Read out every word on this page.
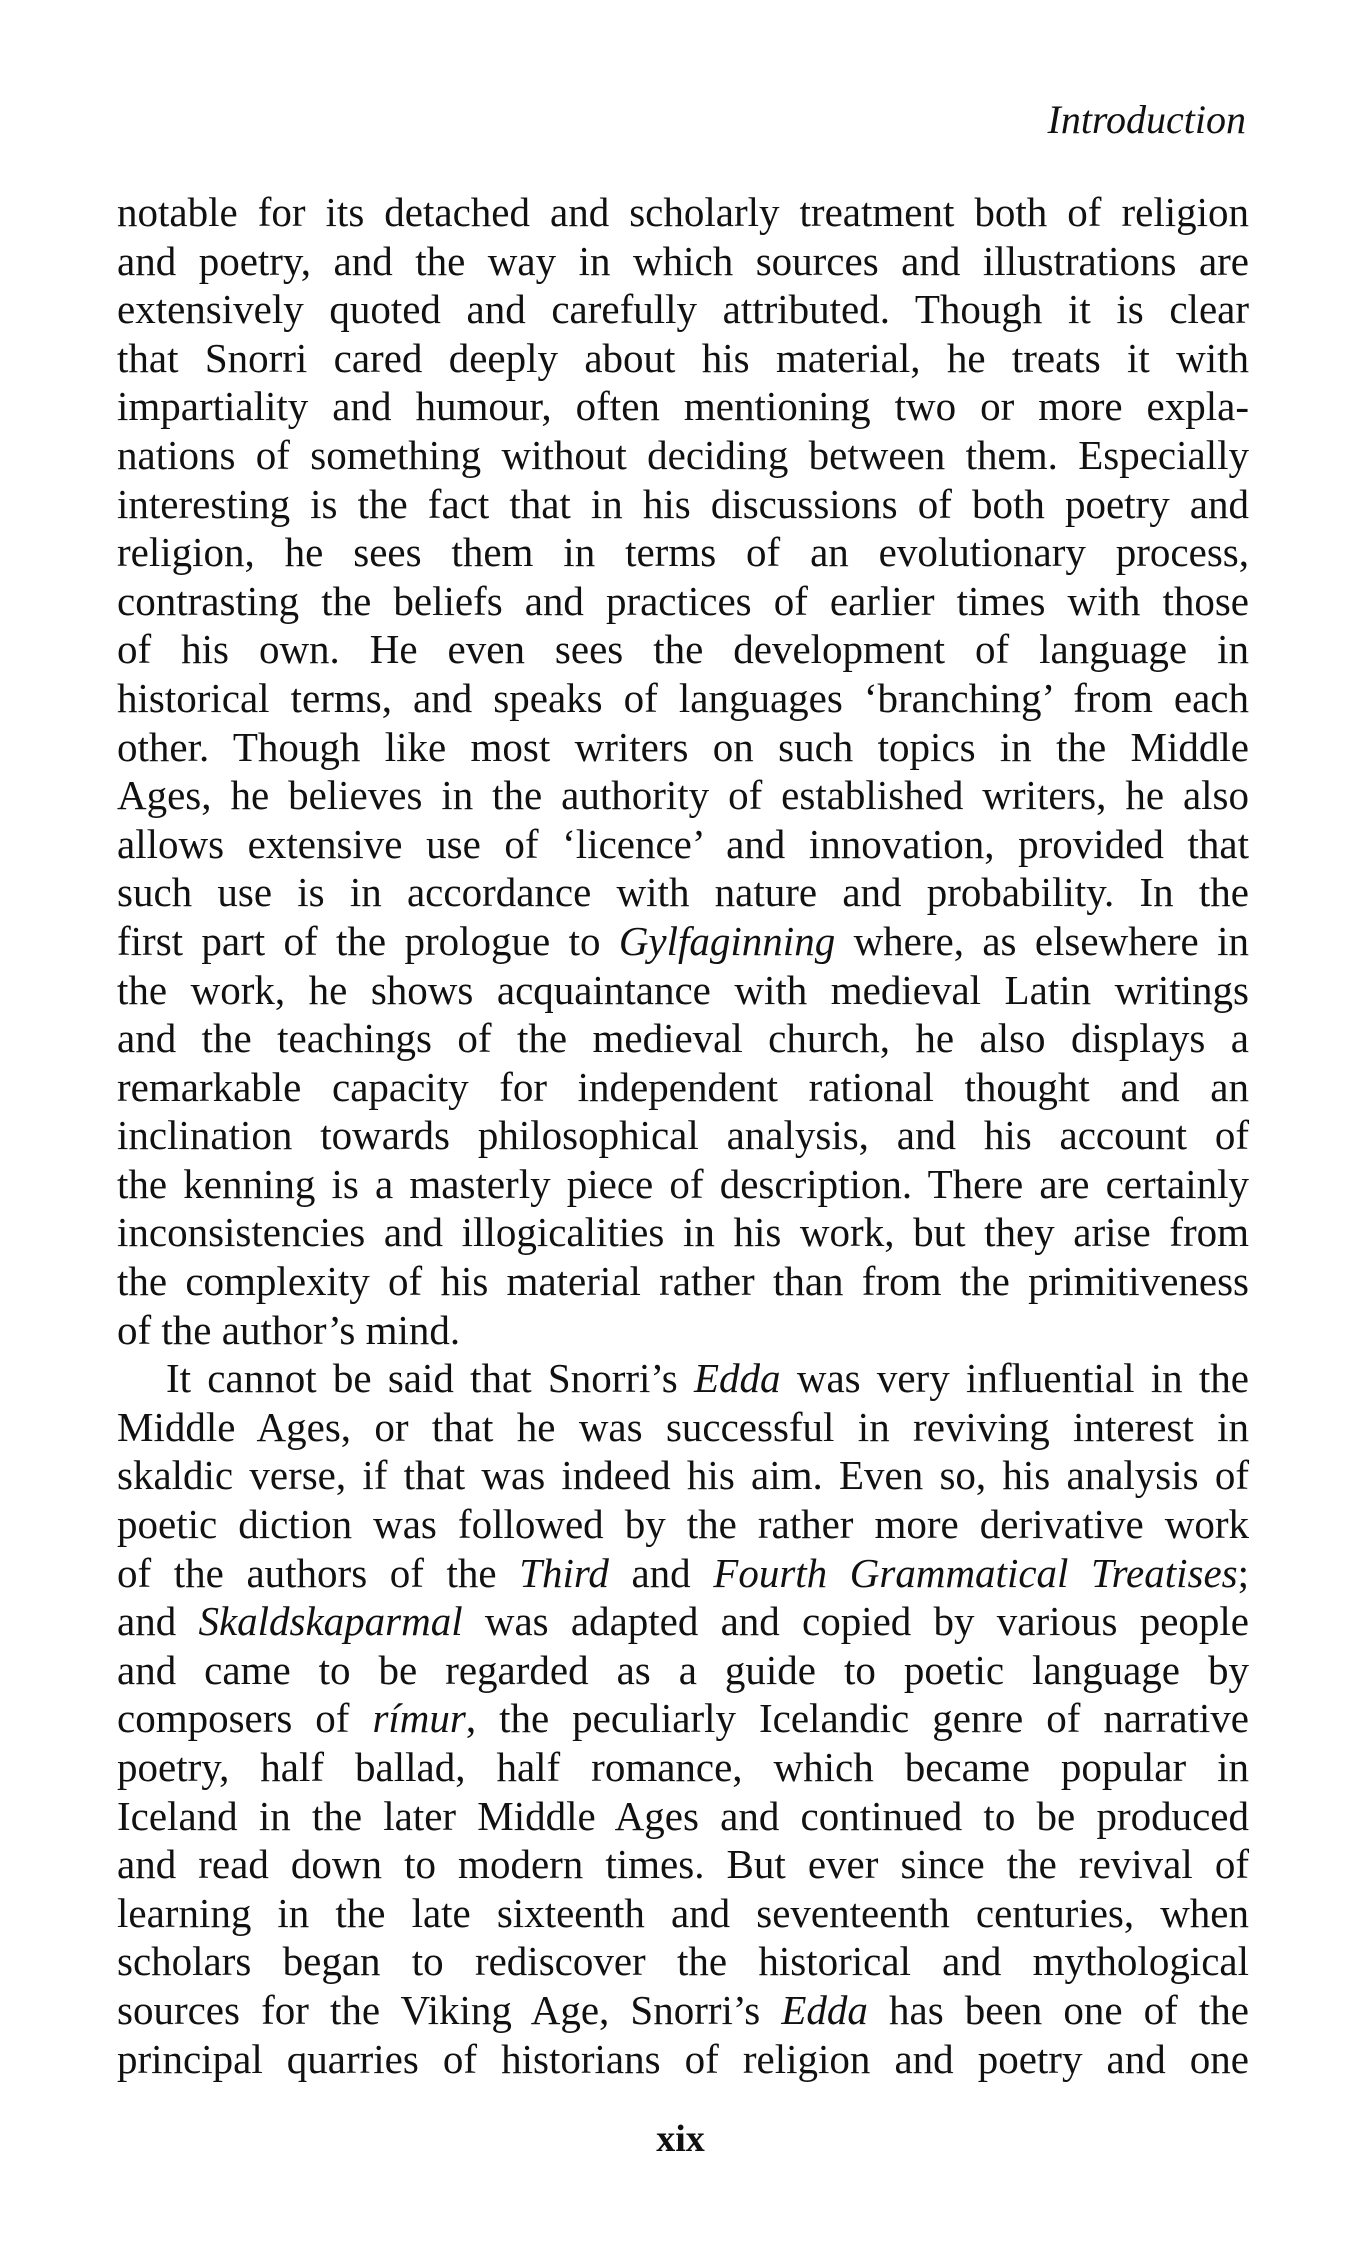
Introduction
notable for its detached and scholarly treatment both of religion
and poetry, and the way in which sources and illustrations are
extensively quoted and carefully attributed. Though it is clear
that Snorri cared deeply about his material, he treats it with
impartiality and humour, often mentioning two or more expla-
nations of something without deciding between them. Especially
interesting is the fact that in his discussions of both poetry and
religion, he sees them in terms of an evolutionary process,
contrasting the beliefs and practices of earlier times with those
of his own. He even sees the development of language in
historical terms, and speaks of languages ‘branching’ from each
other. Though like most writers on such topics in the Middle
Ages, he believes in the authority of established writers, he also
allows extensive use of ‘licence’ and innovation, provided that
such use is in accordance with nature and probability. In the
first part of the prologue to Gylfaginning where, as elsewhere in
the work, he shows acquaintance with medieval Latin writings
and the teachings of the medieval church, he also displays a
remarkable capacity for independent rational thought and an
inclination towards philosophical analysis, and his account of
the kenning is a masterly piece of description. There are certainly
inconsistencies and illogicalities in his work, but they arise from
the complexity of his material rather than from the primitiveness
of the author’s mind.
It cannot be said that Snorri’s Edda was very influential in the
Middle Ages, or that he was successful in reviving interest in
skaldic verse, if that was indeed his aim. Even so, his analysis of
poetic diction was followed by the rather more derivative work
of the authors of the Third and Fourth Grammatical Treatises;
and Skaldskaparmal was adapted and copied by various people
and came to be regarded as a guide to poetic language by
composers of rímur, the peculiarly Icelandic genre of narrative
poetry, half ballad, half romance, which became popular in
Iceland in the later Middle Ages and continued to be produced
and read down to modern times. But ever since the revival of
learning in the late sixteenth and seventeenth centuries, when
scholars began to rediscover the historical and mythological
sources for the Viking Age, Snorri’s Edda has been one of the
principal quarries of historians of religion and poetry and one
xix
